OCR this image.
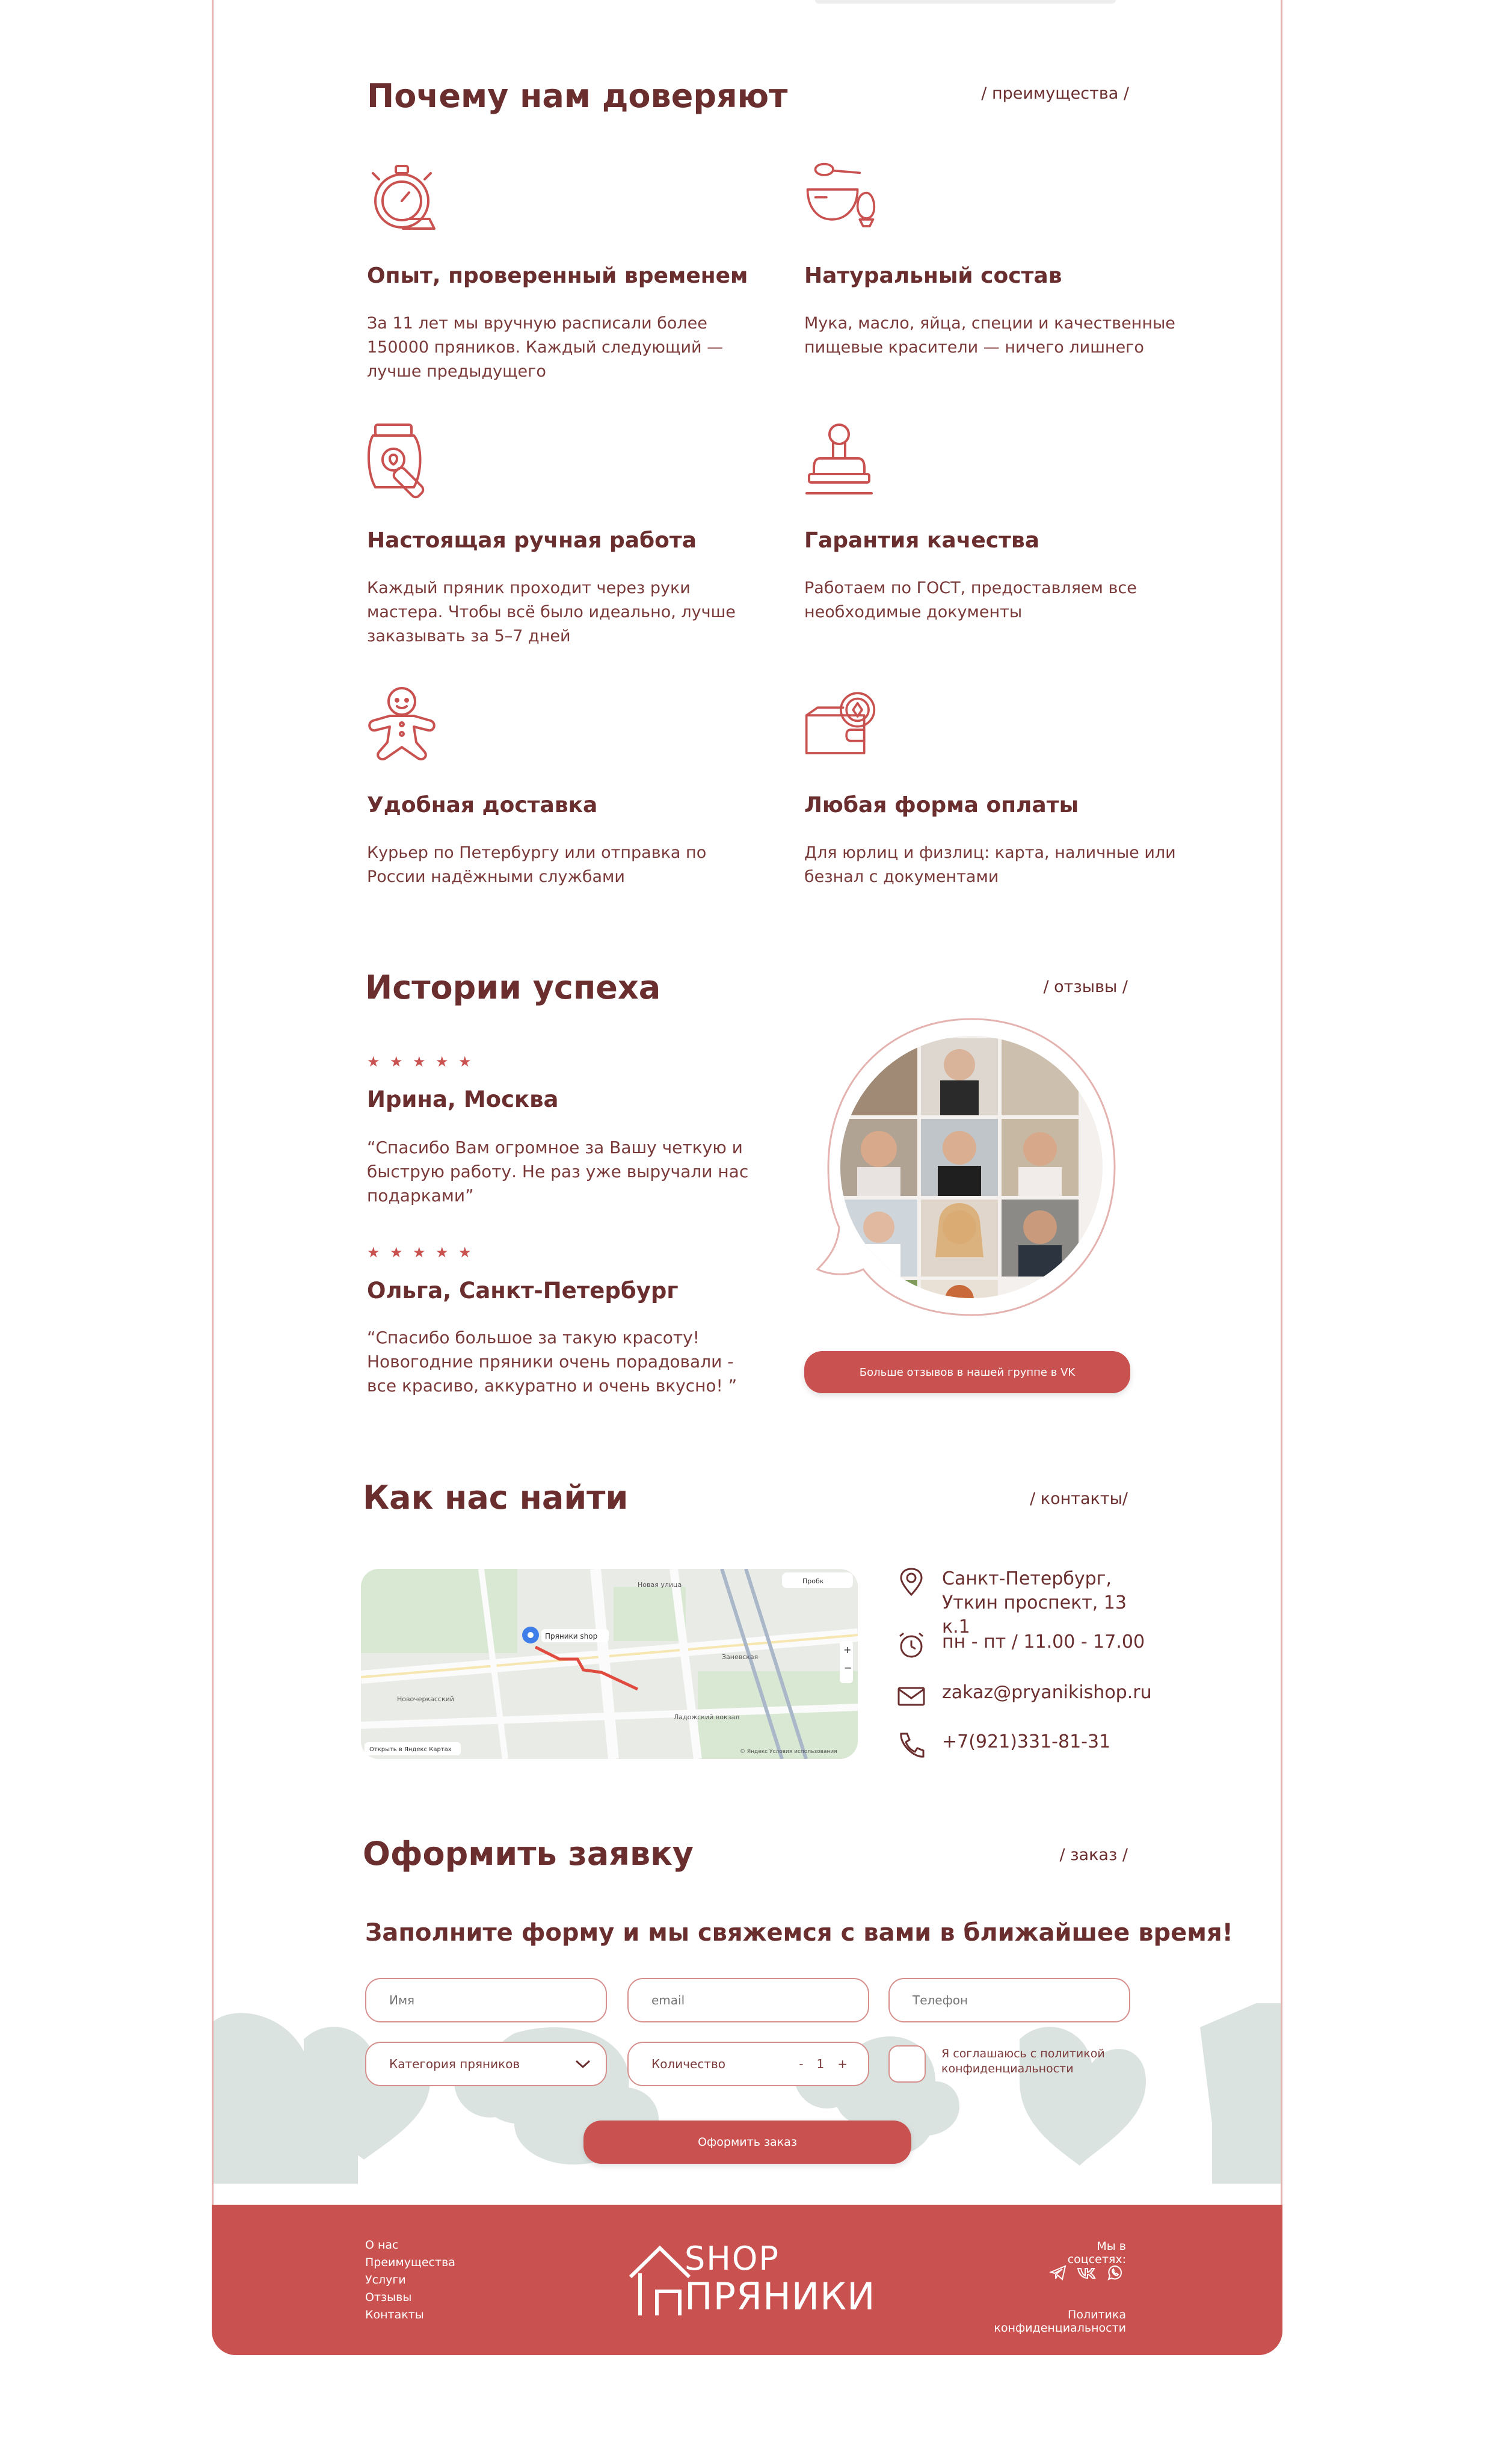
Почему нам доверяют	/ преимущества /
Опыт, проверенный временем
За 11 лет мы вручную расписали более 150000 пряников. Каждый следующий — лучше предыдущего
Натуральный состав
Мука, масло, яйца, специи и качественные пищевые красители — ничего лишнего
Настоящая ручная работа
Каждый пряник проходит через руки мастера. Чтобы всё было идеально, лучше заказывать за 5–7 дней
Гарантия качества
Работаем по ГОСТ, предоставляем все необходимые документы
Удобная доставка
Курьер по Петербургу или отправка по России надёжными службами
Любая форма оплаты
Для юрлиц и физлиц: карта, наличные или безнал с документами
Истории успеха	/ отзывы /
★ ★ ★ ★ ★
Ирина, Москва
“Спасибо Вам огромное за Вашу четкую и быструю работу. Не раз уже выручали нас подарками”
★ ★ ★ ★ ★
Ольга, Санкт-Петербург
“Спасибо большое за такую красоту! Новогодние пряники очень порадовали - все красиво, аккуратно и очень вкусно! ”
Больше отзывов в нашей группе в VK
Как нас найти	/ контакты/
Санкт-Петербург, Уткин проспект, 13 к.1
пн - пт / 11.00 - 17.00
zakaz@pryanikishop.ru
+7(921)331-81-31
Оформить заявку	/ заказ /
Заполните форму и мы свяжемся с вами в ближайшее время!
Имя
email
Телефон
Категория пряников	Количество	- 1 +
Я соглашаюсь с политикой конфиденциальности
Оформить заказ
Пряники shop
Новая улица
Ладожский вокзал
Новочеркасский
Заневская
Пробк
+
−
Открыть в Яндекс Картах	© Яндекс Условия использования
О нас
Преимущества
Услуги
Отзывы
Контакты
SHOP
ПРЯНИКИ
Мы в соцсетях:
Политика конфиденциальности
